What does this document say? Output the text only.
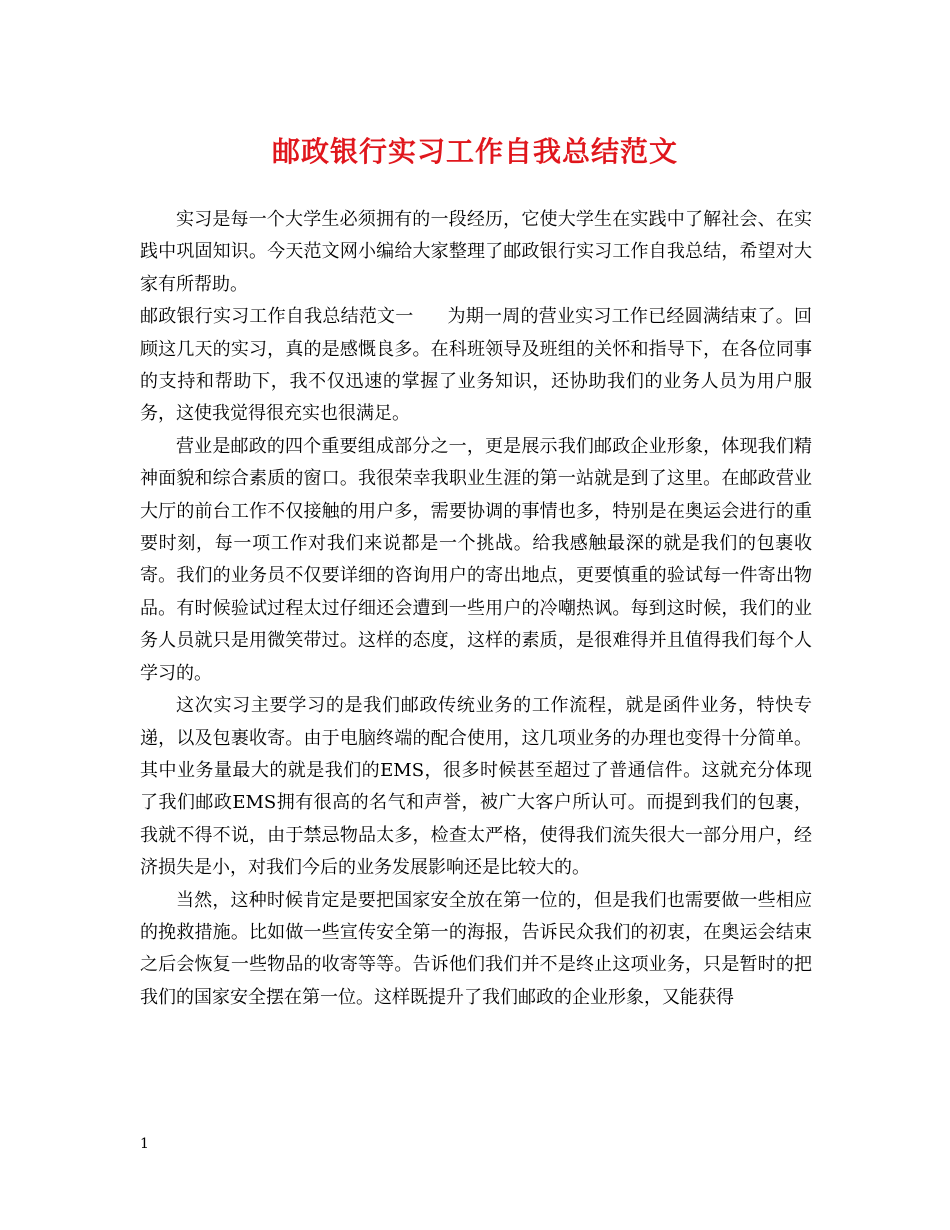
邮政银行实习工作自我总结范文

实习是每一个大学生必须拥有的一段经历，它使大学生在实践中了解社会、在实践中巩固知识。今天范文网小编给大家整理了邮政银行实习工作自我总结，希望对大家有所帮助。

邮政银行实习工作自我总结范文一 为期一周的营业实习工作已经圆满结束了。回顾这几天的实习，真的是感慨良多。在科班领导及班组的关怀和指导下，在各位同事的支持和帮助下，我不仅迅速的掌握了业务知识，还协助我们的业务人员为用户服务，这使我觉得很充实也很满足。

营业是邮政的四个重要组成部分之一，更是展示我们邮政企业形象，体现我们精神面貌和综合素质的窗口。我很荣幸我职业生涯的第一站就是到了这里。在邮政营业大厅的前台工作不仅接触的用户多，需要协调的事情也多，特别是在奥运会进行的重要时刻，每一项工作对我们来说都是一个挑战。给我感触最深的就是我们的包裹收寄。我们的业务员不仅要详细的咨询用户的寄出地点，更要慎重的验试每一件寄出物品。有时候验试过程太过仔细还会遭到一些用户的冷嘲热讽。每到这时候，我们的业务人员就只是用微笑带过。这样的态度，这样的素质，是很难得并且值得我们每个人学习的。

这次实习主要学习的是我们邮政传统业务的工作流程，就是函件业务，特快专递，以及包裹收寄。由于电脑终端的配合使用，这几项业务的办理也变得十分简单。其中业务量最大的就是我们的EMS，很多时候甚至超过了普通信件。这就充分体现了我们邮政EMS拥有很高的名气和声誉，被广大客户所认可。而提到我们的包裹，我就不得不说，由于禁忌物品太多，检查太严格，使得我们流失很大一部分用户，经济损失是小，对我们今后的业务发展影响还是比较大的。

当然，这种时候肯定是要把国家安全放在第一位的，但是我们也需要做一些相应的挽救措施。比如做一些宣传安全第一的海报，告诉民众我们的初衷，在奥运会结束之后会恢复一些物品的收寄等等。告诉他们我们并不是终止这项业务，只是暂时的把我们的国家安全摆在第一位。这样既提升了我们邮政的企业形象，又能获得

1
